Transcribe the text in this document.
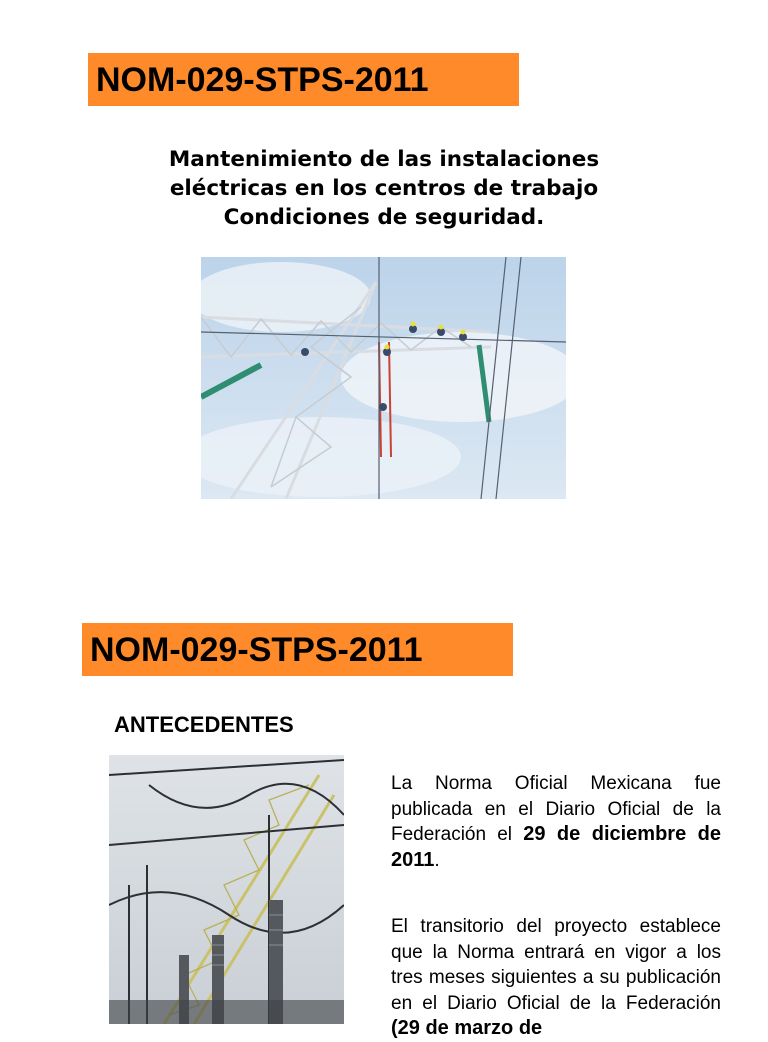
NOM-029-STPS-2011
Mantenimiento de las instalaciones
eléctricas en los centros de trabajo
Condiciones de seguridad.
NOM-029-STPS-2011
ANTECEDENTES
La Norma Oficial Mexicana fue publicada en el Diario Oficial de la Federación el 29 de diciembre de 2011.
El transitorio del proyecto establece que la Norma entrará en vigor a los tres meses siguientes a su publicación en el Diario Oficial de la Federación (29 de marzo de
